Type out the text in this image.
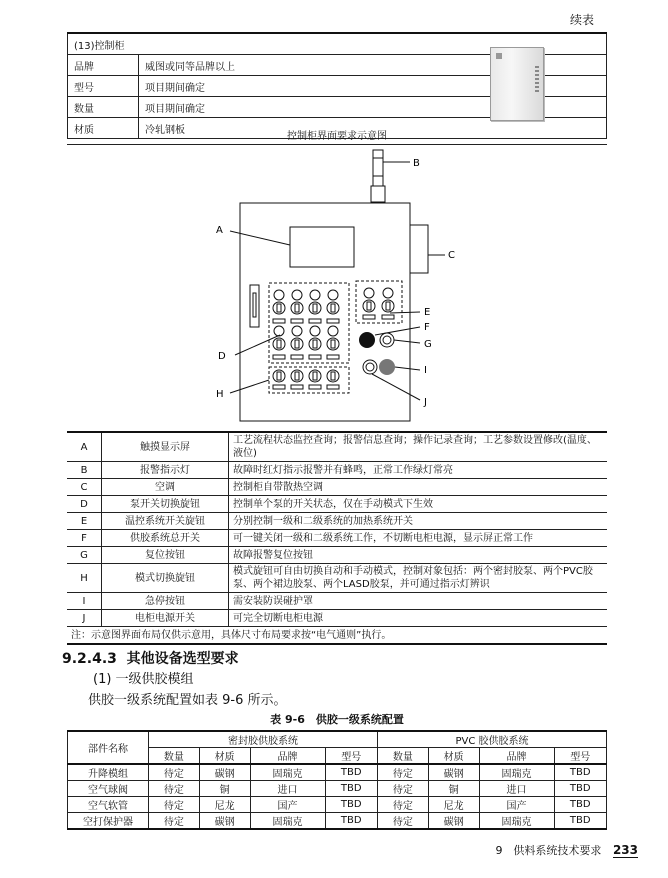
续表
(13)控制柜	
品牌	威图或同等品牌以上
型号	项目期间确定
数量	项目期间确定
材质	冷轧钢板
控制柜界面要求示意图
B
C
A
D
E
F
G
H
I
J
A	触摸显示屏	工艺流程状态监控查询；报警信息查询；操作记录查询；工艺参数设置修改(温度、液位)
B	报警指示灯	故障时红灯指示报警并有蜂鸣，正常工作绿灯常亮
C	空调	控制柜自带散热空调
D	泵开关切换旋钮	控制单个泵的开关状态，仅在手动模式下生效
E	温控系统开关旋钮	分别控制一级和二级系统的加热系统开关
F	供胶系统总开关	可一键关闭一级和二级系统工作，不切断电柜电源，显示屏正常工作
G	复位按钮	故障报警复位按钮
H	模式切换旋钮	模式旋钮可自由切换自动和手动模式，控制对象包括：两个密封胶泵、两个PVC胶泵、两个裙边胶泵、两个LASD胶泵，并可通过指示灯辨识
I	急停按钮	需安装防误碰护罩
J	电柜电源开关	可完全切断电柜电源
注：示意图界面布局仅供示意用，具体尺寸布局要求按“电气通则”执行。		
9.2.4.3 其他设备选型要求
(1) 一级供胶模组
供胶一级系统配置如表 9-6 所示。
表 9-6　供胶一级系统配置
部件名称	密封胶供胶系统				PVC 胶供胶系统			
	数量	材质	品牌	型号	数量	材质	品牌	型号
升降模组	待定	碳钢	固瑞克	TBD	待定	碳钢	固瑞克	TBD
空气球阀	待定	铜	进口	TBD	待定	铜	进口	TBD
空气软管	待定	尼龙	国产	TBD	待定	尼龙	国产	TBD
空打保护器	待定	碳钢	固瑞克	TBD	待定	碳钢	固瑞克	TBD
9　供料系统技术要求 233
